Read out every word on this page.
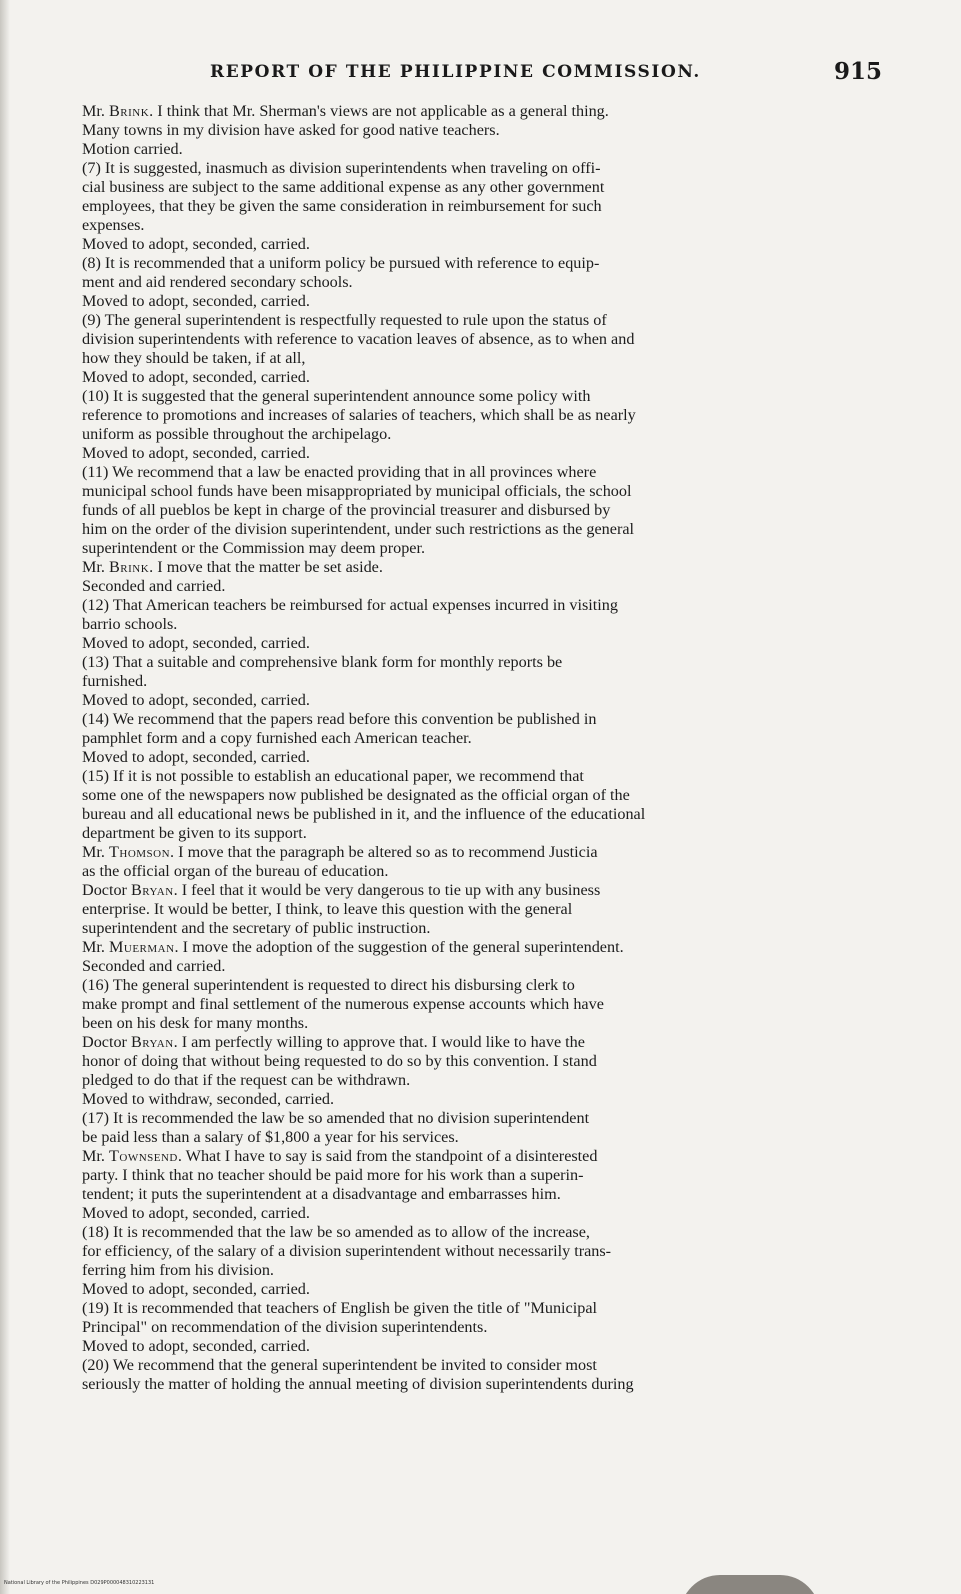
REPORT OF THE PHILIPPINE COMMISSION.	915
Mr. Brink. I think that Mr. Sherman's views are not applicable as a general thing.
Many towns in my division have asked for good native teachers.
Motion carried.
(7) It is suggested, inasmuch as division superintendents when traveling on offi-
cial business are subject to the same additional expense as any other government
employees, that they be given the same consideration in reimbursement for such
expenses.
Moved to adopt, seconded, carried.
(8) It is recommended that a uniform policy be pursued with reference to equip-
ment and aid rendered secondary schools.
Moved to adopt, seconded, carried.
(9) The general superintendent is respectfully requested to rule upon the status of
division superintendents with reference to vacation leaves of absence, as to when and
how they should be taken, if at all,
Moved to adopt, seconded, carried.
(10) It is suggested that the general superintendent announce some policy with
reference to promotions and increases of salaries of teachers, which shall be as nearly
uniform as possible throughout the archipelago.
Moved to adopt, seconded, carried.
(11) We recommend that a law be enacted providing that in all provinces where
municipal school funds have been misappropriated by municipal officials, the school
funds of all pueblos be kept in charge of the provincial treasurer and disbursed by
him on the order of the division superintendent, under such restrictions as the general
superintendent or the Commission may deem proper.
Mr. Brink. I move that the matter be set aside.
Seconded and carried.
(12) That American teachers be reimbursed for actual expenses incurred in visiting
barrio schools.
Moved to adopt, seconded, carried.
(13) That a suitable and comprehensive blank form for monthly reports be
furnished.
Moved to adopt, seconded, carried.
(14) We recommend that the papers read before this convention be published in
pamphlet form and a copy furnished each American teacher.
Moved to adopt, seconded, carried.
(15) If it is not possible to establish an educational paper, we recommend that
some one of the newspapers now published be designated as the official organ of the
bureau and all educational news be published in it, and the influence of the educational
department be given to its support.
Mr. Thomson. I move that the paragraph be altered so as to recommend Justicia
as the official organ of the bureau of education.
Doctor Bryan. I feel that it would be very dangerous to tie up with any business
enterprise. It would be better, I think, to leave this question with the general
superintendent and the secretary of public instruction.
Mr. Muerman. I move the adoption of the suggestion of the general superintendent.
Seconded and carried.
(16) The general superintendent is requested to direct his disbursing clerk to
make prompt and final settlement of the numerous expense accounts which have
been on his desk for many months.
Doctor Bryan. I am perfectly willing to approve that. I would like to have the
honor of doing that without being requested to do so by this convention. I stand
pledged to do that if the request can be withdrawn.
Moved to withdraw, seconded, carried.
(17) It is recommended the law be so amended that no division superintendent
be paid less than a salary of $1,800 a year for his services.
Mr. Townsend. What I have to say is said from the standpoint of a disinterested
party. I think that no teacher should be paid more for his work than a superin-
tendent; it puts the superintendent at a disadvantage and embarrasses him.
Moved to adopt, seconded, carried.
(18) It is recommended that the law be so amended as to allow of the increase,
for efficiency, of the salary of a division superintendent without necessarily trans-
ferring him from his division.
Moved to adopt, seconded, carried.
(19) It is recommended that teachers of English be given the title of "Municipal
Principal" on recommendation of the division superintendents.
Moved to adopt, seconded, carried.
(20) We recommend that the general superintendent be invited to consider most
seriously the matter of holding the annual meeting of division superintendents during
National Library of the Philippines D029P000048310223131
